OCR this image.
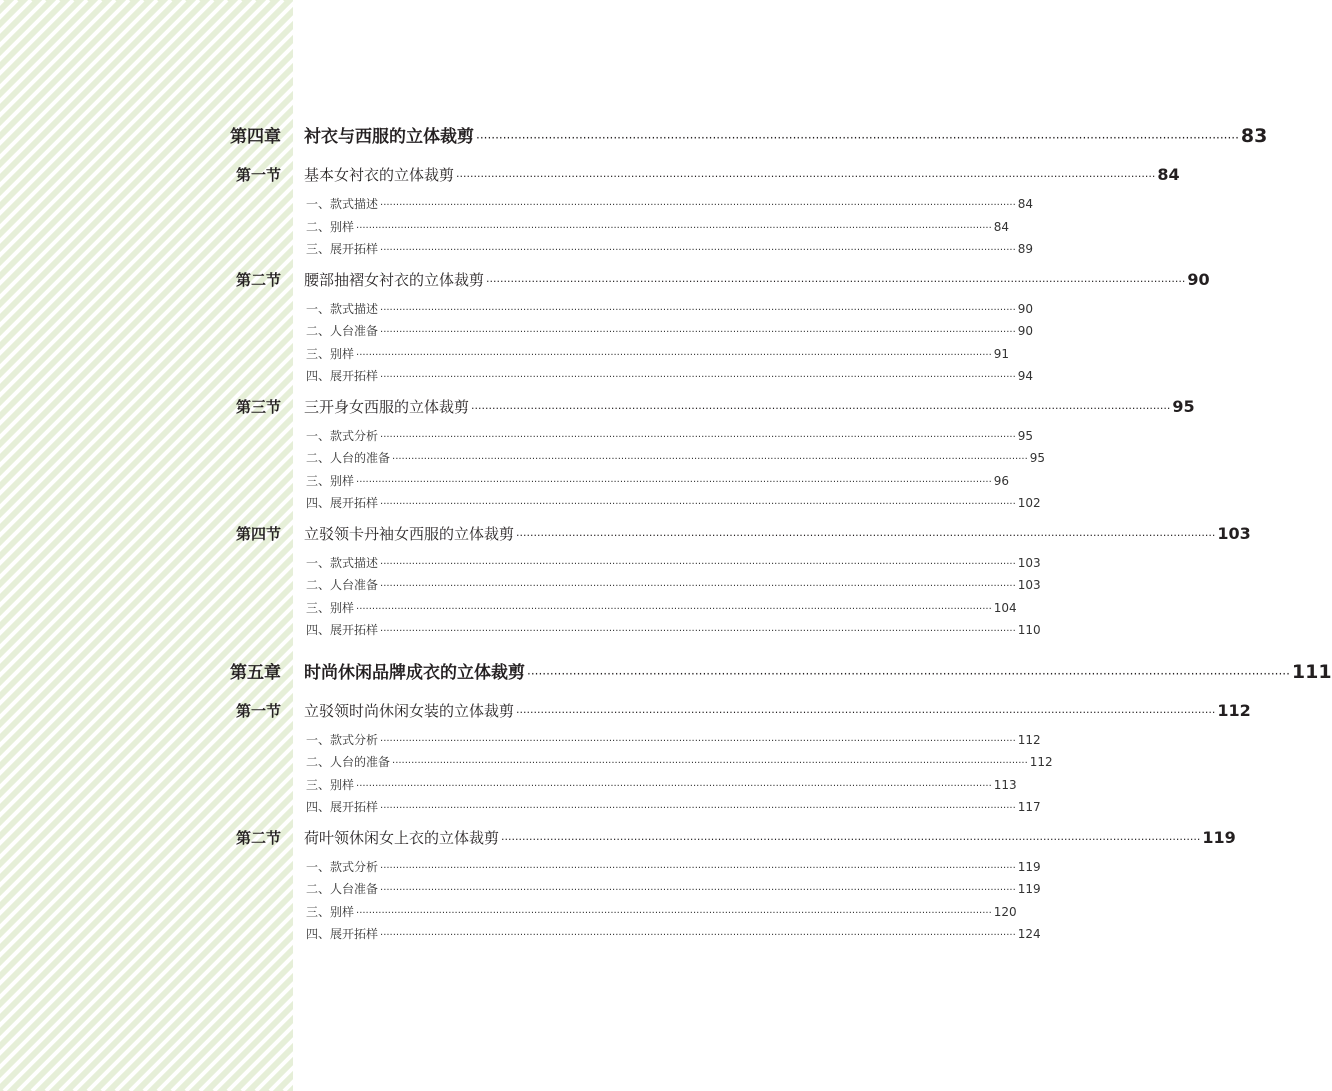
第四章 衬衣与西服的立体裁剪 ········································································································································································································ 83
第一节 基本女衬衣的立体裁剪 ········································································································································································································ 84
一、款式描述 ········································································································································································································ 84
二、别样 ········································································································································································································ 84
三、展开拓样 ········································································································································································································ 89
第二节 腰部抽褶女衬衣的立体裁剪 ········································································································································································································ 90
一、款式描述 ········································································································································································································ 90
二、人台准备 ········································································································································································································ 90
三、别样 ········································································································································································································ 91
四、展开拓样 ········································································································································································································ 94
第三节 三开身女西服的立体裁剪 ········································································································································································································ 95
一、款式分析 ········································································································································································································ 95
二、人台的准备 ········································································································································································································ 95
三、别样 ········································································································································································································ 96
四、展开拓样 ········································································································································································································ 102
第四节 立驳领卡丹袖女西服的立体裁剪 ········································································································································································································ 103
一、款式描述 ········································································································································································································ 103
二、人台准备 ········································································································································································································ 103
三、别样 ········································································································································································································ 104
四、展开拓样 ········································································································································································································ 110
第五章 时尚休闲品牌成衣的立体裁剪 ········································································································································································································ 111
第一节 立驳领时尚休闲女装的立体裁剪 ········································································································································································································ 112
一、款式分析 ········································································································································································································ 112
二、人台的准备 ········································································································································································································ 112
三、别样 ········································································································································································································ 113
四、展开拓样 ········································································································································································································ 117
第二节 荷叶领休闲女上衣的立体裁剪 ········································································································································································································ 119
一、款式分析 ········································································································································································································ 119
二、人台准备 ········································································································································································································ 119
三、别样 ········································································································································································································ 120
四、展开拓样 ········································································································································································································ 124
